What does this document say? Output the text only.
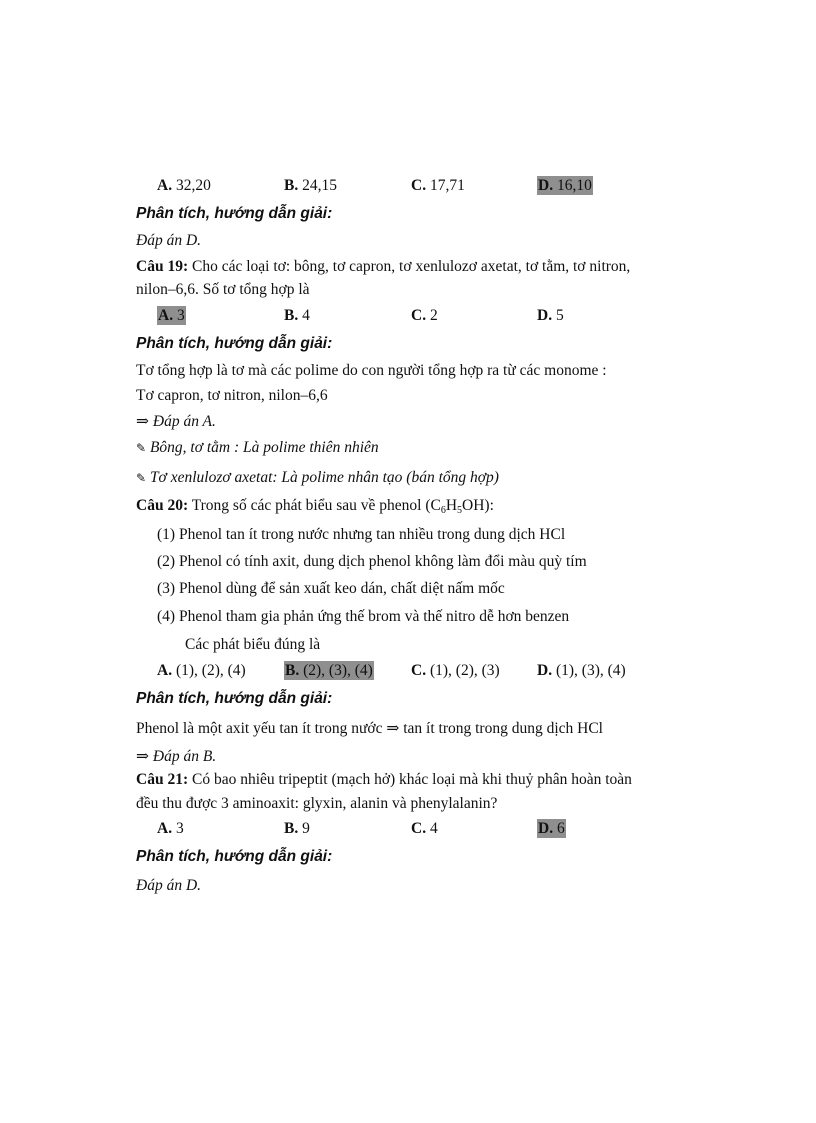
A. 32,20	B. 24,15	C. 17,71	D. 16,10
Phân tích, hướng dẫn giải:
Đáp án D.
Câu 19: Cho các loại tơ: bông, tơ capron, tơ xenlulozơ axetat, tơ tằm, tơ nitron,
nilon–6,6. Số tơ tổng hợp là
A. 3	B. 4	C. 2	D. 5
Phân tích, hướng dẫn giải:
Tơ tổng hợp là tơ mà các polime do con người tổng hợp ra từ các monome :
Tơ capron, tơ nitron, nilon–6,6
⇒ Đáp án A.
✎ Bông, tơ tằm : Là polime thiên nhiên
✎ Tơ xenlulozơ axetat: Là polime nhân tạo (bán tổng hợp)
Câu 20: Trong số các phát biểu sau về phenol $(C_6H_5OH)$:
(1) Phenol tan ít trong nước nhưng tan nhiều trong dung dịch HCl
(2) Phenol có tính axit, dung dịch phenol không làm đổi màu quỳ tím
(3) Phenol dùng để sản xuất keo dán, chất diệt nấm mốc
(4) Phenol tham gia phản ứng thế brom và thế nitro dễ hơn benzen
Các phát biểu đúng là
A. (1), (2), (4)	B. (2), (3), (4) C. (1), (2), (3) D. (1), (3), (4)
Phân tích, hướng dẫn giải:
Phenol là một axit yếu tan ít trong nước ⇒ tan ít trong trong dung dịch HCl
⇒ Đáp án B.
Câu 21: Có bao nhiêu tripeptit (mạch hở) khác loại mà khi thuỷ phân hoàn toàn
đều thu được 3 aminoaxit: glyxin, alanin và phenylalanin?
A. 3	B. 9	C. 4	D. 6
Phân tích, hướng dẫn giải:
Đáp án D.
